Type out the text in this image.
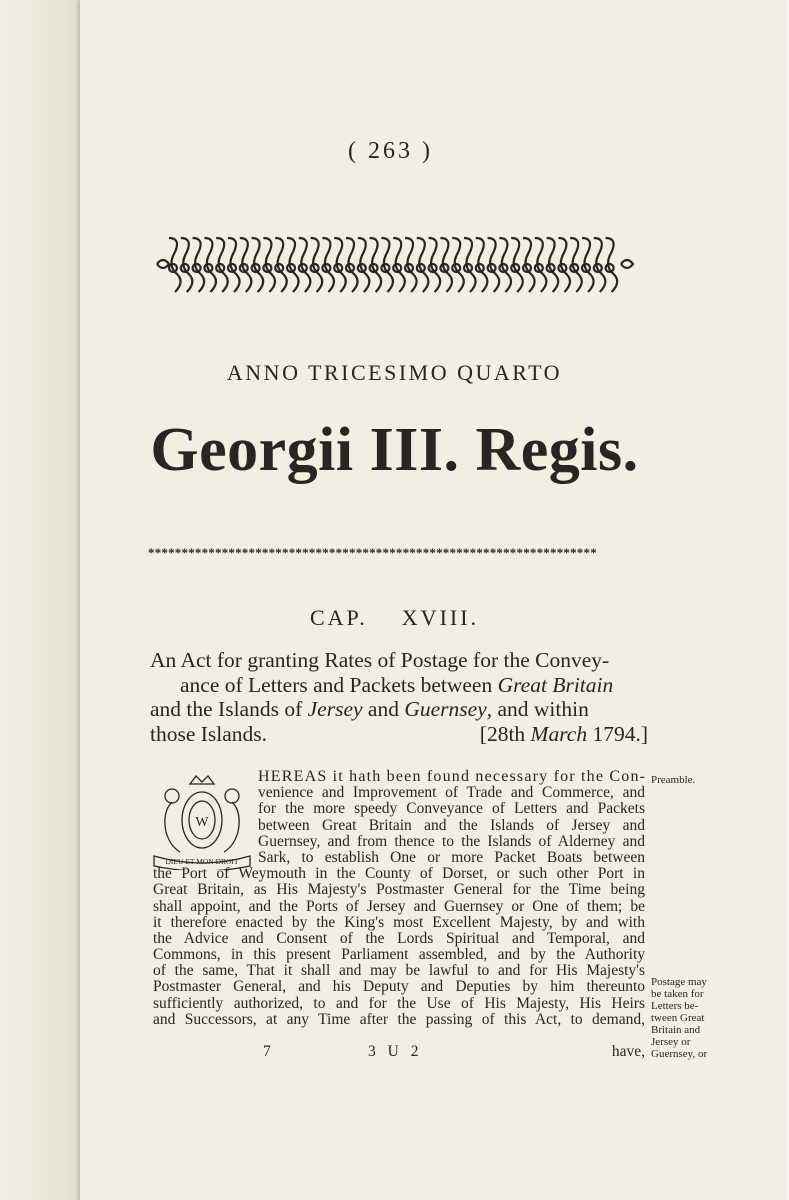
( 263 )
ANNO TRICESIMO QUARTO
Georgii III. Regis.
*******************************************************************
CAP. XVIII.
An Act for granting Rates of Postage for the Convey-
ance of Letters and Packets between Great Britain
and the Islands of Jersey and Guernsey, and within
those Islands.	[28th March 1794.]
W
DIEU ET MON DROIT
HEREAS it hath been found necessary for the Con-
venience and Improvement of Trade and Commerce, and
for the more speedy Conveyance of Letters and Packets
between Great Britain and the Islands of Jersey and
Guernsey, and from thence to the Islands of Alderney and
Sark, to establish One or more Packet Boats between
the Port of Weymouth in the County of Dorset, or such other Port in
Great Britain, as His Majesty's Postmaster General for the Time being
shall appoint, and the Ports of Jersey and Guernsey or One of them; be
it therefore enacted by the King's most Excellent Majesty, by and with
the Advice and Consent of the Lords Spiritual and Temporal, and
Commons, in this present Parliament assembled, and by the Authority
of the same, That it shall and may be lawful to and for His Majesty's
Postmaster General, and his Deputy and Deputies by him thereunto
sufficiently authorized, to and for the Use of His Majesty, His Heirs
and Successors, at any Time after the passing of this Act, to demand,
7	3 U 2	have,
Preamble.
Postage may
be taken for
Letters be-
tween Great
Britain and
Jersey or
Guernsey, or
